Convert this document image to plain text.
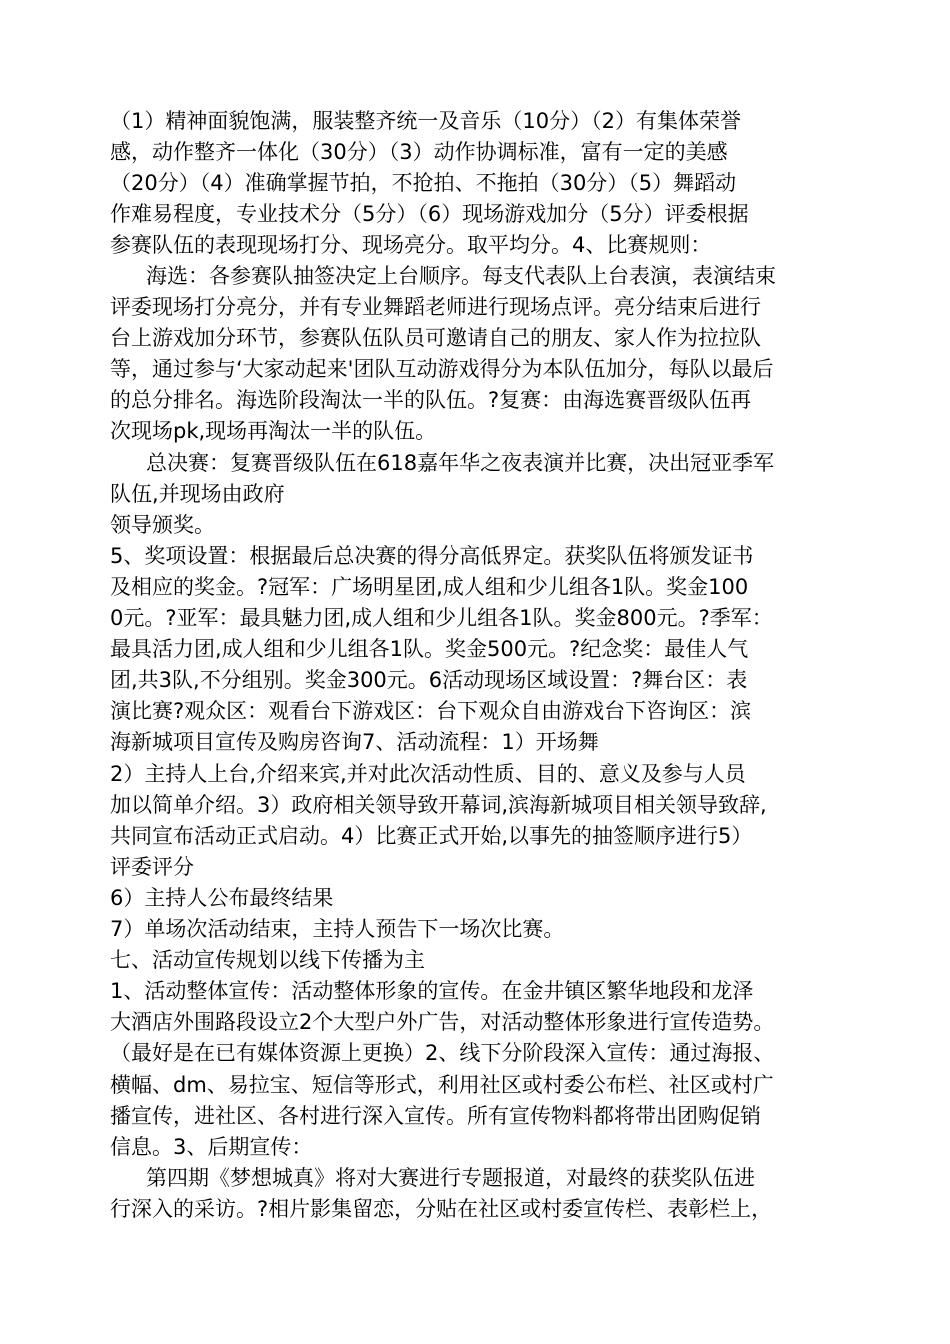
（1）精神面貌饱满，服装整齐统一及音乐（10分）（2）有集体荣誉

感，动作整齐一体化（30分）（3）动作协调标准，富有一定的美感

（20分）（4）准确掌握节拍，不抢拍、不拖拍（30分）（5）舞蹈动

作难易程度，专业技术分（5分）（6）现场游戏加分（5分）评委根据

参赛队伍的表现现场打分、现场亮分。取平均分。4、比赛规则：

海选：各参赛队抽签决定上台顺序。每支代表队上台表演，表演结束

评委现场打分亮分，并有专业舞蹈老师进行现场点评。亮分结束后进行

台上游戏加分环节，参赛队伍队员可邀请自己的朋友、家人作为拉拉队

等，通过参与‘大家动起来'团队互动游戏得分为本队伍加分，每队以最后

的总分排名。海选阶段淘汰一半的队伍。?复赛：由海选赛晋级队伍再

次现场pk,现场再淘汰一半的队伍。

总决赛：复赛晋级队伍在618嘉年华之夜表演并比赛，决出冠亚季军

队伍,并现场由政府

领导颁奖。

5、奖项设置：根据最后总决赛的得分高低界定。获奖队伍将颁发证书

及相应的奖金。?冠军：广场明星团,成人组和少儿组各1队。奖金100

0元。?亚军：最具魅力团,成人组和少儿组各1队。奖金800元。?季军：

最具活力团,成人组和少儿组各1队。奖金500元。?纪念奖：最佳人气

团,共3队,不分组别。奖金300元。6活动现场区域设置：?舞台区：表

演比赛?观众区：观看台下游戏区：台下观众自由游戏台下咨询区：滨

海新城项目宣传及购房咨询7、活动流程：1）开场舞

2）主持人上台,介绍来宾,并对此次活动性质、目的、意义及参与人员

加以简单介绍。3）政府相关领导致开幕词,滨海新城项目相关领导致辞,

共同宣布活动正式启动。4）比赛正式开始,以事先的抽签顺序进行5）

评委评分

6）主持人公布最终结果

7）单场次活动结束，主持人预告下一场次比赛。

七、活动宣传规划以线下传播为主

1、活动整体宣传：活动整体形象的宣传。在金井镇区繁华地段和龙泽

大酒店外围路段设立2个大型户外广告，对活动整体形象进行宣传造势。

（最好是在已有媒体资源上更换）2、线下分阶段深入宣传：通过海报、

横幅、dm、易拉宝、短信等形式，利用社区或村委公布栏、社区或村广

播宣传，进社区、各村进行深入宣传。所有宣传物料都将带出团购促销

信息。3、后期宣传：

第四期《梦想城真》将对大赛进行专题报道，对最终的获奖队伍进

行深入的采访。?相片影集留恋，分贴在社区或村委宣传栏、表彰栏上，
